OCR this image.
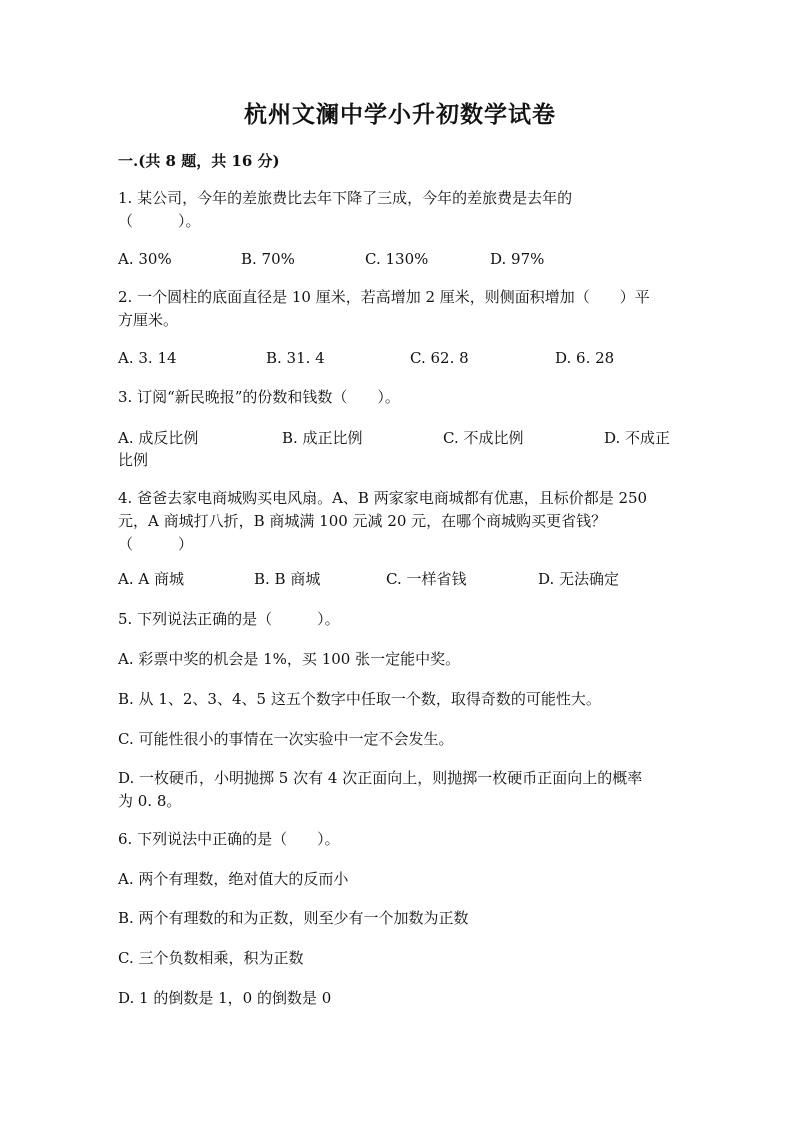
杭州文澜中学小升初数学试卷
一.(共 8 题，共 16 分)
1. 某公司，今年的差旅费比去年下降了三成，今年的差旅费是去年的
（　　　）。
A. 30%	B. 70%	C. 130%	D. 97%
2. 一个圆柱的底面直径是 10 厘米，若高增加 2 厘米，则侧面积增加（　　）平
方厘米。
A. 3. 14	B. 31. 4	C. 62. 8	D. 6. 28
3. 订阅“新民晚报”的份数和钱数（　　）。
A. 成反比例	B. 成正比例	C. 不成比例	D. 不成正
比例
4. 爸爸去家电商城购买电风扇。A、B 两家家电商城都有优惠，且标价都是 250
元，A 商城打八折，B 商城满 100 元减 20 元，在哪个商城购买更省钱？
（　　　）
A. A 商城	B. B 商城	C. 一样省钱	D. 无法确定
5. 下列说法正确的是（　　　）。
A. 彩票中奖的机会是 1%，买 100 张一定能中奖。
B. 从 1、2、3、4、5 这五个数字中任取一个数，取得奇数的可能性大。
C. 可能性很小的事情在一次实验中一定不会发生。
D. 一枚硬币，小明抛掷 5 次有 4 次正面向上，则抛掷一枚硬币正面向上的概率
为 0. 8。
6. 下列说法中正确的是（　　）。
A. 两个有理数，绝对值大的反而小
B. 两个有理数的和为正数，则至少有一个加数为正数
C. 三个负数相乘，积为正数
D. 1 的倒数是 1，0 的倒数是 0
